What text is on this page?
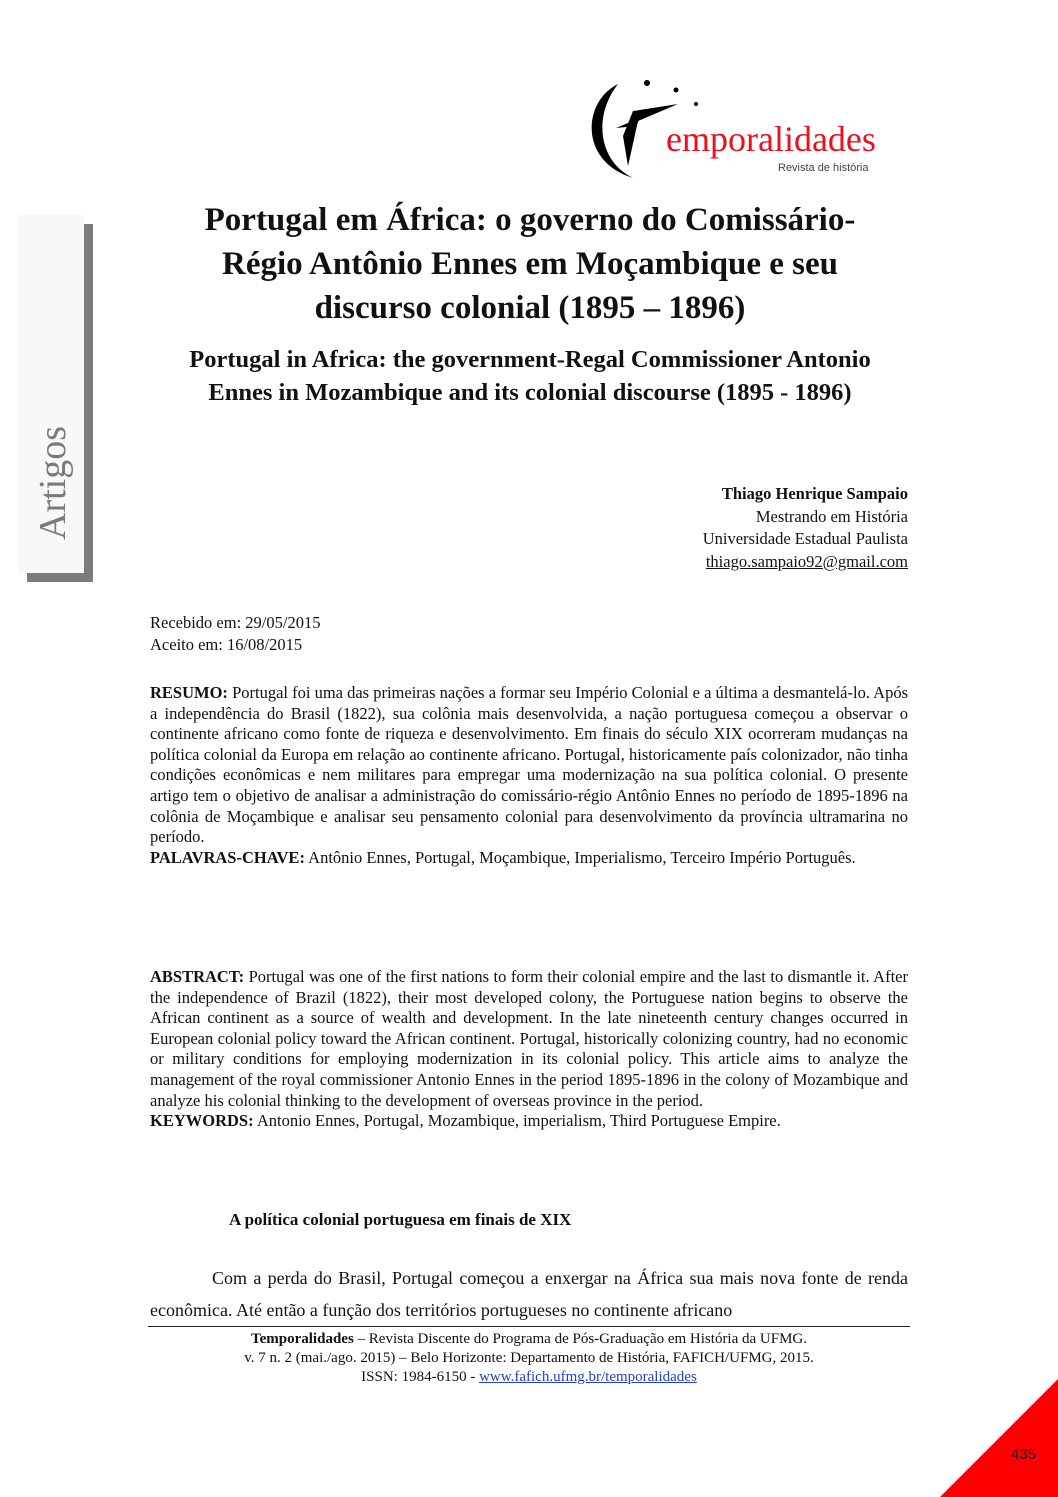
emporalidades
Revista de história
Artigos
Portugal em África: o governo do Comissário-Régio Antônio Ennes em Moçambique e seu discurso colonial (1895 – 1896)
Portugal in Africa: the government-Regal Commissioner Antonio Ennes in Mozambique and its colonial discourse (1895 - 1896)
Thiago Henrique Sampaio
Mestrando em História
Universidade Estadual Paulista
thiago.sampaio92@gmail.com
Recebido em: 29/05/2015
Aceito em: 16/08/2015
RESUMO: Portugal foi uma das primeiras nações a formar seu Império Colonial e a última a desmantelá-lo. Após a independência do Brasil (1822), sua colônia mais desenvolvida, a nação portuguesa começou a observar o continente africano como fonte de riqueza e desenvolvimento. Em finais do século XIX ocorreram mudanças na política colonial da Europa em relação ao continente africano. Portugal, historicamente país colonizador, não tinha condições econômicas e nem militares para empregar uma modernização na sua política colonial. O presente artigo tem o objetivo de analisar a administração do comissário-régio Antônio Ennes no período de 1895-1896 na colônia de Moçambique e analisar seu pensamento colonial para desenvolvimento da província ultramarina no período.
PALAVRAS-CHAVE: Antônio Ennes, Portugal, Moçambique, Imperialismo, Terceiro Império Português.
ABSTRACT: Portugal was one of the first nations to form their colonial empire and the last to dismantle it. After the independence of Brazil (1822), their most developed colony, the Portuguese nation begins to observe the African continent as a source of wealth and development. In the late nineteenth century changes occurred in European colonial policy toward the African continent. Portugal, historically colonizing country, had no economic or military conditions for employing modernization in its colonial policy. This article aims to analyze the management of the royal commissioner Antonio Ennes in the period 1895-1896 in the colony of Mozambique and analyze his colonial thinking to the development of overseas province in the period.
KEYWORDS: Antonio Ennes, Portugal, Mozambique, imperialism, Third Portuguese Empire.
A política colonial portuguesa em finais de XIX
Com a perda do Brasil, Portugal começou a enxergar na África sua mais nova fonte de renda econômica. Até então a função dos territórios portugueses no continente africano
Temporalidades – Revista Discente do Programa de Pós-Graduação em História da UFMG.
v. 7 n. 2 (mai./ago. 2015) – Belo Horizonte: Departamento de História, FAFICH/UFMG, 2015.
ISSN: 1984-6150 - www.fafich.ufmg.br/temporalidades
435
